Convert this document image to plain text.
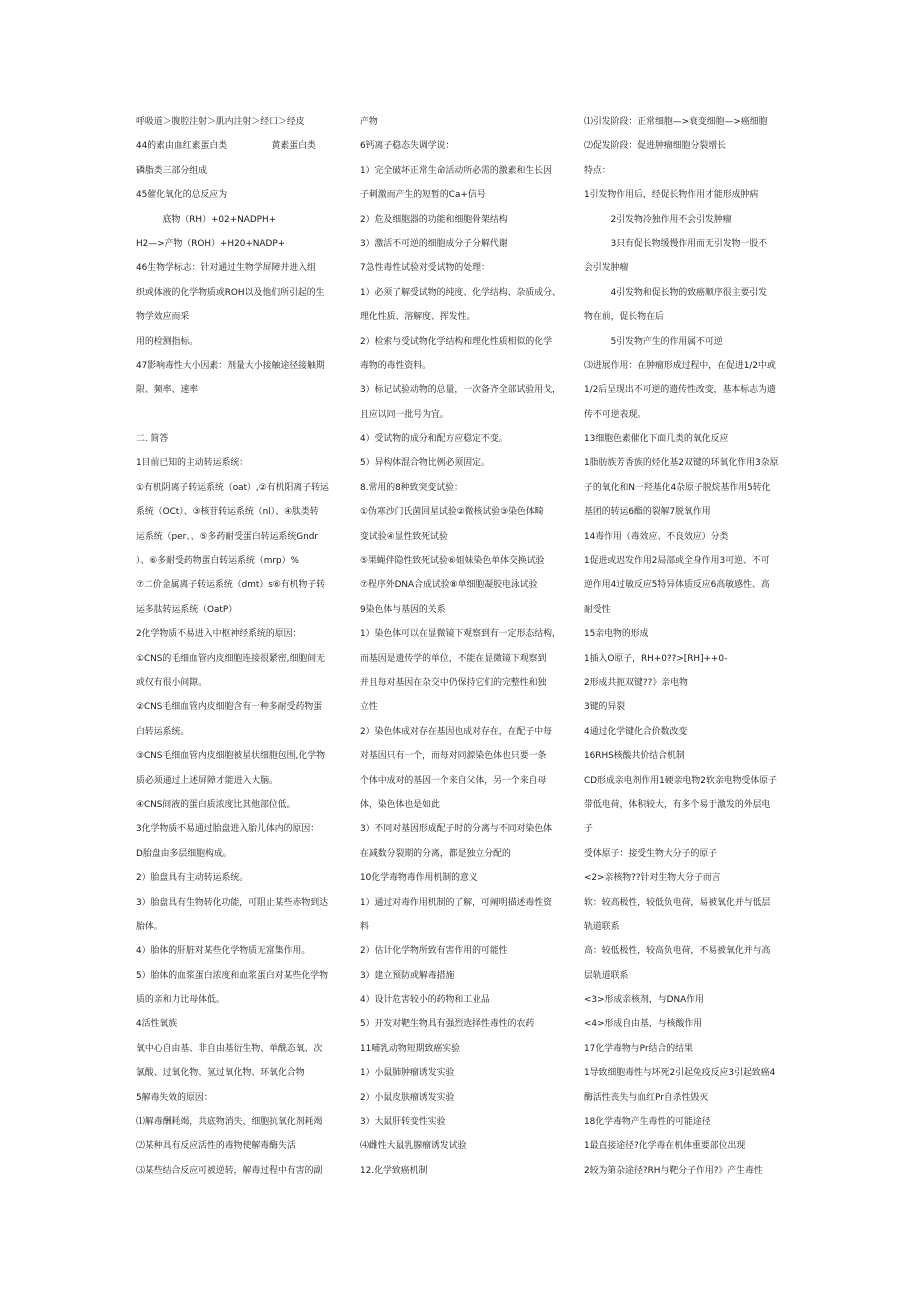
呼吸道＞腹腔注射＞肌内注射＞经口＞经皮
44的素由血红素蛋白类　　　　　黄素蛋白类
磷脂类三部分组成
45催化氧化的总反应为
　　　底物（RH）+02+NADPH+
H2—>产物（ROH）+H20+NADP+
46生物学标志：针对通过生物学屏障并进入组
织或体液的化学物质或ROH以及他们所引起的生
物学效应而采
用的检测指标。
47影响毒性大小因素：剂量大小接触途径接触期
限、频率、速率
二. 简答
1目前已知的主动转运系统：
①有机阴离子转运系统（oat）,②有机阳离子转运
系统（OCt）、③核苷转运系统（nl）、④肽类转
运系统（per、、⑤多药耐受蛋白转运系统Gndr
）、⑥多耐受药物蛋白转运系统（mrp）%
⑦二价金属离子转运系统（dmt）s⑥有机物子转
运多肽转运系统（OatP）
2化学物质不易进入中枢神经系统的原因：
①CNS的毛细血管内皮细胞连接很紧密,细胞间无
或仅有很小间隙。
②CNS毛细血管内皮细胞含有一种多耐受药物蛋
白转运系统。
③CNS毛细血管内皮细胞被星状细胞包围,化学物
质必须通过上述屏障才能进入大脑。
④CNS间液的蛋白质浓度比其他部位低。
3化学物质不易通过胎盘进入胎儿体内的原因：
D胎盘由多层细胞构成。
2）胎盘具有主动转运系统。
3）胎盘具有生物转化功能，可阻止某些赤物到达
胎体。
4）胎体的肝脏对某些化学物质无富集作用。
5）胎体的血浆蛋白浓度和血浆蛋白对某些化学物
质的亲和力比母体低。
4活性氧族
氧中心自由基、非自由基衍生物、单酰态氧、次
氯酸、过氧化物、氢过氧化物、环氧化合物
5解毒失效的原因：
⑴解毒酬耗竭，共底物消失，细胞抗氧化剂耗竭
⑵某种具有反应活性的毒物使解毒酶失活
⑶某些结合反应可被逆转，解毒过程中有害的副
产物
6钙离子稳态失调学说：
1）完全破坏正常生命活动所必需的激素和生长因
子刺激而产生的短暂的Ca+信号
2）危及细胞器的功能和细胞骨架结构
3）激活不可逆的细胞成分子分解代谢
7急性毒性试验对受试物的处理：
1）必须了解受试物的纯度、化学结构、杂质成分、
理化性质、溶解度、挥发性。
2）检索与受试物化学结构和理化性质相似的化学
毒物的毒性资料。
3）标记试验动物的总量，一次备齐全部试验用戈，
且应以同一批号为宜。
4）受试物的成分和配方应稳定不变。
5）异构体混合物比例必须固定。
8.常用的8种致突变试验：
①伪寒沙门氏菌回星试验②微核试验③染色体畸
变试验④显性致死试验
⑤果蝇伴隐性致死试验⑥姐妹染色单体交换试验
⑦程序外DNA合成试验⑧单细胞凝胶电泳试验
9染色体与基因的关系
1）染色体可以在显微镜下观察到有一定形态结构，
而基因是遗传学的单位，不能在显微镜下观察到
并且每对基因在杂交中仍保持它们的完整性和独
立性
2）染色体成对存在基因也成对存在，在配子中每
对基因只有一个，而每对同源染色体也只要一条
个体中成对的基因一个来自父体，另一个来自母
体，染色体也是如此
3）不同对基因形成配子时的分离与不同对染色体
在减数分裂期的分离，都是独立分配的
10化学毒物毒作用机制的意义
1）通过对毒作用机制的了解，可阐明描述毒性资
料
2）估计化学物所致有害作用的可能性
3）建立预防或解毒措施
4）设计危害较小的药物和工业品
5）开发对靶生物具有强烈选择性毒性的农药
11哺乳动物短期致癌实验
1）小鼠肺肿瘤诱发实验
2）小鼠皮肤瘤诱发实验
3）大鼠肝转变性实验
⑷雌性大鼠乳腺瘤诱发试验
12.化学致癌机制
⑴引发阶段：正常细胞—>衰变细胞—>癌细胞
⑵促发阶段：促进肿瘤细胞分裂增长
特点：
1引发物作用后，经促长物作用才能形成肿病
　　　2引发物冷独作用不会引发肿瘤
　　　3只有促长物缓慢作用而无引发物一股不
会引发肿瘤
　　　4引发物和促长物的致癌顺序很主要引发
物在前，促长物在后
　　　5引发物产生的作用属不可逆
⑶进展作用：在肿瘤形成过程中，在促进1/2中或
1/2后呈现出不可逆的遗传性改变，基本标志为遗
传不可逆表现。
13细胞色素催化下面几类的氧化反应
1脂肪族芳香族的烃化基2双键的环氧化作用3杂原
子的氧化和N一羟基化4杂原子脱烷基作用5转化
基团的转运6酯的裂解7脱氧作用
14毒作用（毒效应、不良效应）分类
1促进或迟发作用2局部或全身作用3可逆、不可
逆作用4过敏反应5特异体质反应6高敏感性、高
耐受性
15亲电物的形成
1插入O原子，RH+0??>[RH]++0-
2形成共扼双键??》亲电物
3键的异裂
4通过化学键化合价数改变
16RHS核酸共价结合机制
CD形成亲电剂作用1硬亲电物2软亲电物受体原子
带低电荷，体积较大，有多个易于激发的外层电
子
受体原子：接受生物大分子的原子
<2>亲核物??针对生物大分子而言
软：较高极性，较低负电荷，易被氧化并与低层
轨道联系
高：较低极性，较高负电荷，不易被氧化并与高
层轨道联系
<3>形成亲核剂，与DNA作用
<4>形成自由基，与核酸作用
17化学毒物与Pr结合的结果
1导致细胞毒性与坏死2引起免疫反应3引起致癌4
酶活性丧失与血红Pr自杀性毁灭
18化学毒物产生毒性的可能途径
1最直接途径?化学毒在机体重要部位出现
2较为第杂途径?RH与靶分子作用?》产生毒性
